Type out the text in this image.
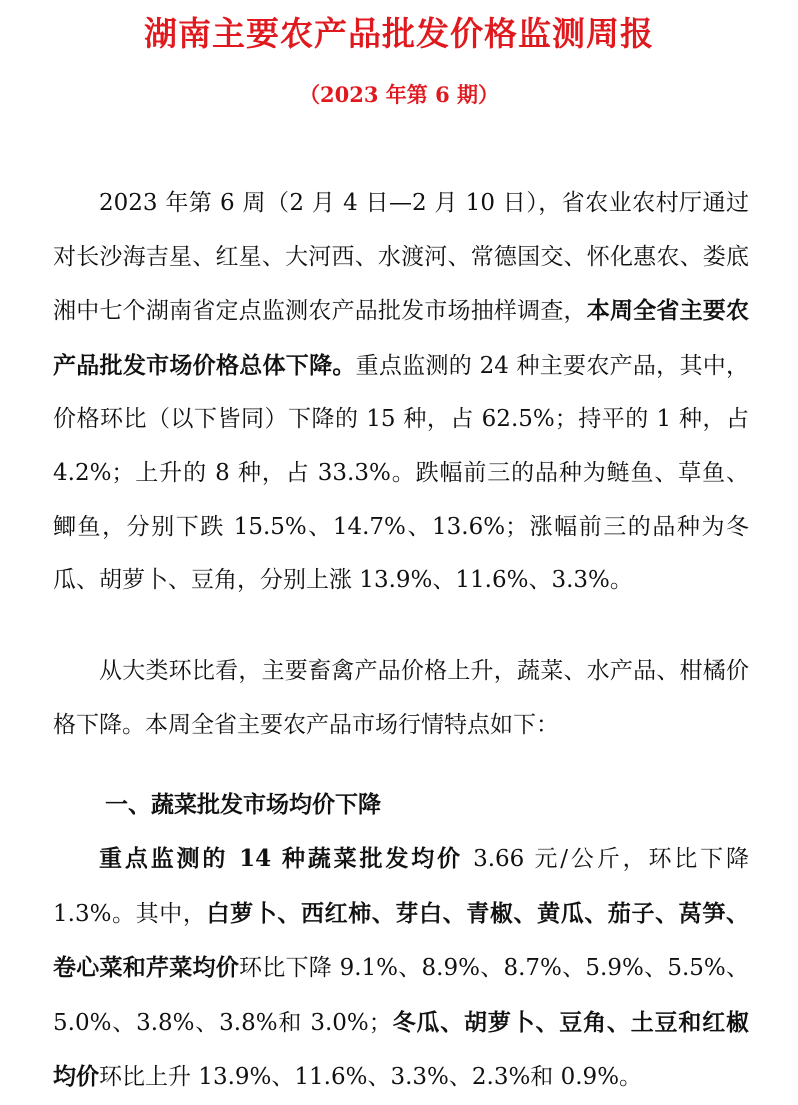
湖南主要农产品批发价格监测周报
（2023 年第 6 期）
2023 年第 6 周（2 月 4 日—2 月 10 日），省农业农村厅通过对长沙海吉星、红星、大河西、水渡河、常德国交、怀化惠农、娄底湘中七个湖南省定点监测农产品批发市场抽样调查，本周全省主要农产品批发市场价格总体下降。重点监测的 24 种主要农产品，其中，价格环比（以下皆同）下降的 15 种，占 62.5%；持平的 1 种，占 4.2%；上升的 8 种，占 33.3%。跌幅前三的品种为鲢鱼、草鱼、鲫鱼，分别下跌 15.5%、14.7%、13.6%；涨幅前三的品种为冬瓜、胡萝卜、豆角，分别上涨 13.9%、11.6%、3.3%。
从大类环比看，主要畜禽产品价格上升，蔬菜、水产品、柑橘价格下降。本周全省主要农产品市场行情特点如下：
一、蔬菜批发市场均价下降
重点监测的 14 种蔬菜批发均价 3.66 元/公斤，环比下降 1.3%。其中，白萝卜、西红柿、芽白、青椒、黄瓜、茄子、莴笋、卷心菜和芹菜均价环比下降 9.1%、8.9%、8.7%、5.9%、5.5%、5.0%、3.8%、3.8%和 3.0%；冬瓜、胡萝卜、豆角、土豆和红椒均价环比上升 13.9%、11.6%、3.3%、2.3%和 0.9%。
